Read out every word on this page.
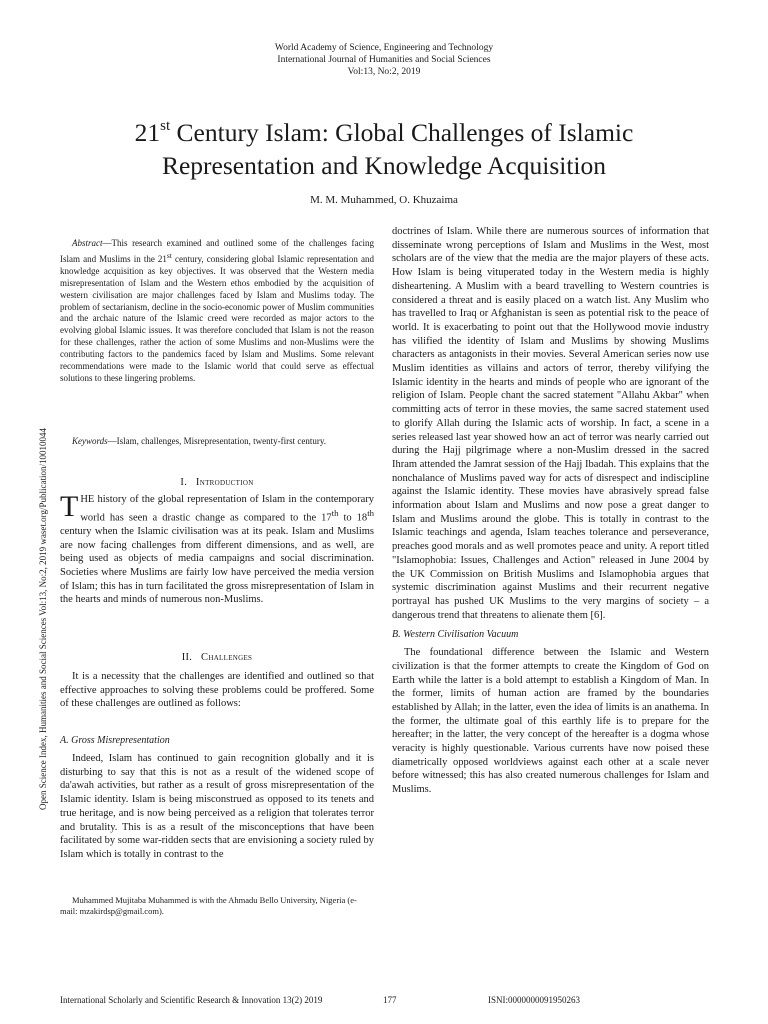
World Academy of Science, Engineering and Technology
International Journal of Humanities and Social Sciences
Vol:13, No:2, 2019
21st Century Islam: Global Challenges of Islamic
Representation and Knowledge Acquisition
M. M. Muhammed, O. Khuzaima
Open Science Index, Humanities and Social Sciences Vol:13, No:2, 2019 waset.org/Publication/10010044

Abstract—This research examined and outlined some of the challenges facing Islam and Muslims in the 21st century, considering global Islamic representation and knowledge acquisition as key objectives. It was observed that the Western media misrepresentation of Islam and the Western ethos embodied by the acquisition of western civilisation are major challenges faced by Islam and Muslims today. The problem of sectarianism, decline in the socio-economic power of Muslim communities and the archaic nature of the Islamic creed were recorded as major actors to the evolving global Islamic issues. It was therefore concluded that Islam is not the reason for these challenges, rather the action of some Muslims and non-Muslims were the contributing factors to the pandemics faced by Islam and Muslims. Some relevant recommendations were made to the Islamic world that could serve as effectual solutions to these lingering problems.

Keywords—Islam, challenges, Misrepresentation, twenty-first century.

I. Introduction

THE history of the global representation of Islam in the contemporary world has seen a drastic change as compared to the 17th to 18th century when the Islamic civilisation was at its peak. Islam and Muslims are now facing challenges from different dimensions, and as well, are being used as objects of media campaigns and social discrimination. Societies where Muslims are fairly low have perceived the media version of Islam; this has in turn facilitated the gross misrepresentation of Islam in the hearts and minds of numerous non-Muslims.

II. Challenges

It is a necessity that the challenges are identified and outlined so that effective approaches to solving these problems could be proffered. Some of these challenges are outlined as follows:

A. Gross Misrepresentation

Indeed, Islam has continued to gain recognition globally and it is disturbing to say that this is not as a result of the widened scope of da'awah activities, but rather as a result of gross misrepresentation of the Islamic identity. Islam is being misconstrued as opposed to its tenets and true heritage, and is now being perceived as a religion that tolerates terror and brutality. This is as a result of the misconceptions that have been facilitated by some war-ridden sects that are envisioning a society ruled by Islam which is totally in contrast to the

Muhammed Mujitaba Muhammed is with the Ahmadu Bello University, Nigeria (e-mail: mzakirdsp@gmail.com).

doctrines of Islam. While there are numerous sources of information that disseminate wrong perceptions of Islam and Muslims in the West, most scholars are of the view that the media are the major players of these acts. How Islam is being vituperated today in the Western media is highly disheartening. A Muslim with a beard travelling to Western countries is considered a threat and is easily placed on a watch list. Any Muslim who has travelled to Iraq or Afghanistan is seen as potential risk to the peace of world. It is exacerbating to point out that the Hollywood movie industry has vilified the identity of Islam and Muslims by showing Muslims characters as antagonists in their movies. Several American series now use Muslim identities as villains and actors of terror, thereby vilifying the Islamic identity in the hearts and minds of people who are ignorant of the religion of Islam. People chant the sacred statement "Allahu Akbar" when committing acts of terror in these movies, the same sacred statement used to glorify Allah during the Islamic acts of worship. In fact, a scene in a series released last year showed how an act of terror was nearly carried out during the Hajj pilgrimage where a non-Muslim dressed in the sacred Ihram attended the Jamrat session of the Hajj Ibadah. This explains that the nonchalance of Muslims paved way for acts of disrespect and indiscipline against the Islamic identity. These movies have abrasively spread false information about Islam and Muslims and now pose a great danger to Islam and Muslims around the globe. This is totally in contrast to the Islamic teachings and agenda, Islam teaches tolerance and perseverance, preaches good morals and as well promotes peace and unity. A report titled "Islamophobia: Issues, Challenges and Action" released in June 2004 by the UK Commission on British Muslims and Islamophobia argues that systemic discrimination against Muslims and their recurrent negative portrayal has pushed UK Muslims to the very margins of society – a dangerous trend that threatens to alienate them [6].

B. Western Civilisation Vacuum

The foundational difference between the Islamic and Western civilization is that the former attempts to create the Kingdom of God on Earth while the latter is a bold attempt to establish a Kingdom of Man. In the former, limits of human action are framed by the boundaries established by Allah; in the latter, even the idea of limits is an anathema. In the former, the ultimate goal of this earthly life is to prepare for the hereafter; in the latter, the very concept of the hereafter is a dogma whose veracity is highly questionable. Various currents have now poised these diametrically opposed worldviews against each other at a scale never before witnessed; this has also created numerous challenges for Islam and Muslims.

International Scholarly and Scientific Research & Innovation 13(2) 2019	177	ISNI:0000000091950263
